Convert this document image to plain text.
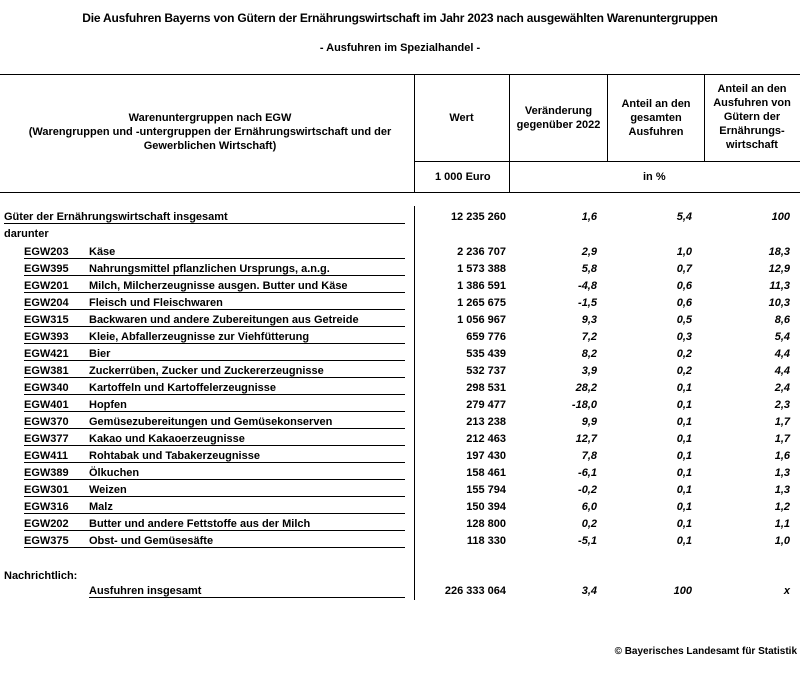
Die Ausfuhren Bayerns von Gütern der Ernährungswirtschaft im Jahr 2023 nach ausgewählten Warenuntergruppen
- Ausfuhren im Spezialhandel -
Warenuntergruppen nach EGW
(Warengruppen und -untergruppen der Ernährungswirtschaft und der Gewerblichen Wirtschaft)
Wert
Veränderung gegenüber 2022
Anteil an den gesamten Ausfuhren
Anteil an den Ausfuhren von Gütern der Ernährungs-wirtschaft
1 000 Euro	in %
Güter der Ernährungswirtschaft insgesamt	12 235 260	1,6	5,4	100
darunter
EGW203 Käse	2 236 707	2,9	1,0	18,3
EGW395 Nahrungsmittel pflanzlichen Ursprungs, a.n.g.	1 573 388	5,8	0,7	12,9
EGW201 Milch, Milcherzeugnisse ausgen. Butter und Käse	1 386 591	-4,8	0,6	11,3
EGW204 Fleisch und Fleischwaren	1 265 675	-1,5	0,6	10,3
EGW315 Backwaren und andere Zubereitungen aus Getreide	1 056 967	9,3	0,5	8,6
EGW393 Kleie, Abfallerzeugnisse zur Viehfütterung	659 776	7,2	0,3	5,4
EGW421 Bier	535 439	8,2	0,2	4,4
EGW381 Zuckerrüben, Zucker und Zuckererzeugnisse	532 737	3,9	0,2	4,4
EGW340 Kartoffeln und Kartoffelerzeugnisse	298 531	28,2	0,1	2,4
EGW401 Hopfen	279 477	-18,0	0,1	2,3
EGW370 Gemüsezubereitungen und Gemüsekonserven	213 238	9,9	0,1	1,7
EGW377 Kakao und Kakaoerzeugnisse	212 463	12,7	0,1	1,7
EGW411 Rohtabak und Tabakerzeugnisse	197 430	7,8	0,1	1,6
EGW389 Ölkuchen	158 461	-6,1	0,1	1,3
EGW301 Weizen	155 794	-0,2	0,1	1,3
EGW316 Malz	150 394	6,0	0,1	1,2
EGW202 Butter und andere Fettstoffe aus der Milch	128 800	0,2	0,1	1,1
EGW375 Obst- und Gemüsesäfte	118 330	-5,1	0,1	1,0
Nachrichtlich:
Ausfuhren insgesamt	226 333 064	3,4	100	x
© Bayerisches Landesamt für Statistik
